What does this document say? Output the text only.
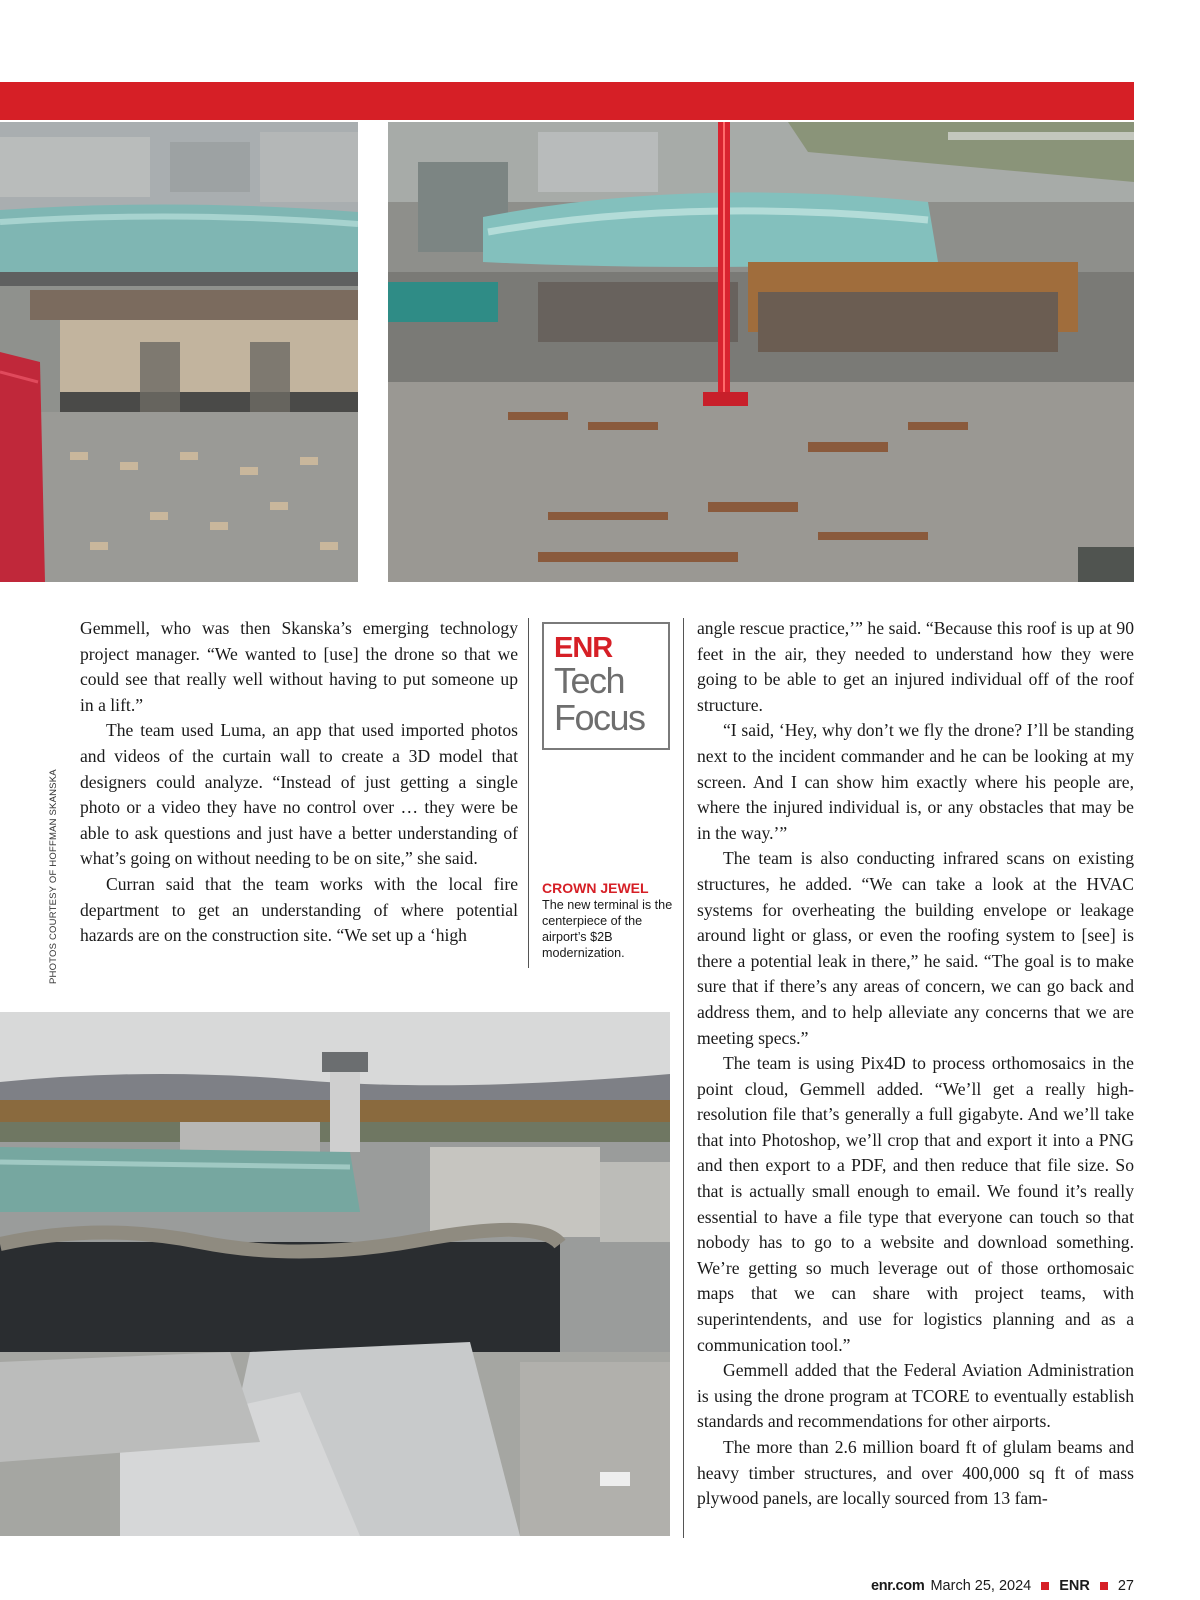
PHOTOS COURTESY OF HOFFMAN SKANSKA

Gemmell, who was then Skanska’s emerging technology project manager. “We wanted to [use] the drone so that we could see that really well without having to put someone up in a lift.”

The team used Luma, an app that used imported photos and videos of the curtain wall to create a 3D model that designers could analyze. “Instead of just getting a single photo or a video they have no control over … they were be able to ask questions and just have a better understanding of what’s going on without needing to be on site,” she said.

Curran said that the team works with the local fire department to get an understanding of where potential hazards are on the construction site. “We set up a ‘high

ENR
Tech
Focus
CROWN JEWEL
The new terminal is the centerpiece of the airport’s $2B modernization.

angle rescue practice,’” he said. “Because this roof is up at 90 feet in the air, they needed to understand how they were going to be able to get an injured individual off of the roof structure.

“I said, ‘Hey, why don’t we fly the drone? I’ll be standing next to the incident commander and he can be looking at my screen. And I can show him exactly where his people are, where the injured individual is, or any obstacles that may be in the way.’”

The team is also conducting infrared scans on existing structures, he added. “We can take a look at the HVAC systems for overheating the building envelope or leakage around light or glass, or even the roofing system to [see] is there a potential leak in there,” he said. “The goal is to make sure that if there’s any areas of concern, we can go back and address them, and to help alleviate any concerns that we are meeting specs.”

The team is using Pix4D to process orthomosaics in the point cloud, Gemmell added. “We’ll get a really high-resolution file that’s generally a full gigabyte. And we’ll take that into Photoshop, we’ll crop that and export it into a PNG and then export to a PDF, and then reduce that file size. So that is actually small enough to email. We found it’s really essential to have a file type that everyone can touch so that nobody has to go to a website and download something. We’re getting so much leverage out of those orthomosaic maps that we can share with project teams, with superintendents, and use for logistics planning and as a communication tool.”

Gemmell added that the Federal Aviation Administration is using the drone program at TCORE to eventually establish standards and recommendations for other airports.

The more than 2.6 million board ft of glulam beams and heavy timber structures, and over 400,000 sq ft of mass plywood panels, are locally sourced from 13 fam-

enr.com March 25, 2024 ENR 27
